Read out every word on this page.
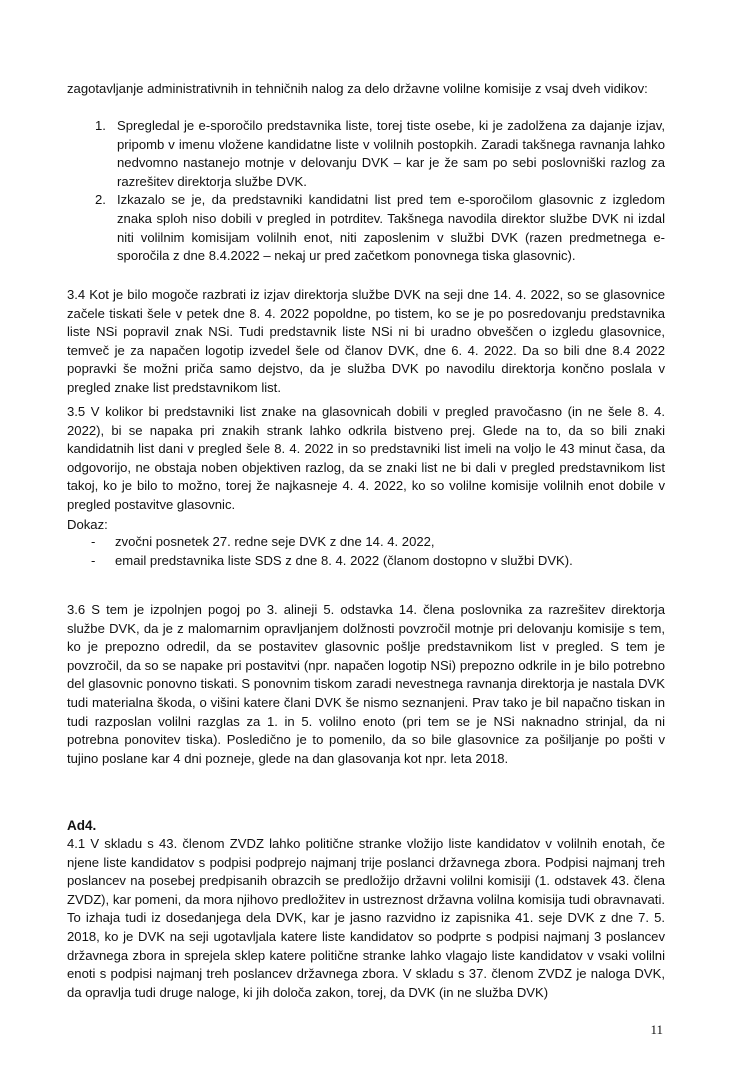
zagotavljanje administrativnih in tehničnih nalog za delo državne volilne komisije z vsaj dveh vidikov:

1. Spregledal je e-sporočilo predstavnika liste, torej tiste osebe, ki je zadolžena za dajanje izjav, pripomb v imenu vložene kandidatne liste v volilnih postopkih. Zaradi takšnega ravnanja lahko nedvomno nastanejo motnje v delovanju DVK – kar je že sam po sebi poslovniški razlog za razrešitev direktorja službe DVK.
2. Izkazalo se je, da predstavniki kandidatni list pred tem e-sporočilom glasovnic z izgledom znaka sploh niso dobili v pregled in potrditev. Takšnega navodila direktor službe DVK ni izdal niti volilnim komisijam volilnih enot, niti zaposlenim v službi DVK (razen predmetnega e-sporočila z dne 8.4.2022 – nekaj ur pred začetkom ponovnega tiska glasovnic).

3.4 Kot je bilo mogoče razbrati iz izjav direktorja službe DVK na seji dne 14. 4. 2022, so se glasovnice začele tiskati šele v petek dne 8. 4. 2022 popoldne, po tistem, ko se je po posredovanju predstavnika liste NSi popravil znak NSi. Tudi predstavnik liste NSi ni bi uradno obveščen o izgledu glasovnice, temveč je za napačen logotip izvedel šele od članov DVK, dne 6. 4. 2022. Da so bili dne 8.4 2022 popravki še možni priča samo dejstvo, da je služba DVK po navodilu direktorja končno poslala v pregled znake list predstavnikom list.

3.5 V kolikor bi predstavniki list znake na glasovnicah dobili v pregled pravočasno (in ne šele 8. 4. 2022), bi se napaka pri znakih strank lahko odkrila bistveno prej. Glede na to, da so bili znaki kandidatnih list dani v pregled šele 8. 4. 2022 in so predstavniki list imeli na voljo le 43 minut časa, da odgovorijo, ne obstaja noben objektiven razlog, da se znaki list ne bi dali v pregled predstavnikom list takoj, ko je bilo to možno, torej že najkasneje 4. 4. 2022, ko so volilne komisije volilnih enot dobile v pregled postavitve glasovnic.

Dokaz:

- zvočni posnetek 27. redne seje DVK z dne 14. 4. 2022,
- email predstavnika liste SDS z dne 8. 4. 2022 (članom dostopno v službi DVK).

3.6 S tem je izpolnjen pogoj po 3. alineji 5. odstavka 14. člena poslovnika za razrešitev direktorja službe DVK, da je z malomarnim opravljanjem dolžnosti povzročil motnje pri delovanju komisije s tem, ko je prepozno odredil, da se postavitev glasovnic pošlje predstavnikom list v pregled. S tem je povzročil, da so se napake pri postavitvi (npr. napačen logotip NSi) prepozno odkrile in je bilo potrebno del glasovnic ponovno tiskati. S ponovnim tiskom zaradi nevestnega ravnanja direktorja je nastala DVK tudi materialna škoda, o višini katere člani DVK še nismo seznanjeni. Prav tako je bil napačno tiskan in tudi razposlan volilni razglas za 1. in 5. volilno enoto (pri tem se je NSi naknadno strinjal, da ni potrebna ponovitev tiska). Posledično je to pomenilo, da so bile glasovnice za pošiljanje po pošti v tujino poslane kar 4 dni pozneje, glede na dan glasovanja kot npr. leta 2018.

Ad4.

4.1 V skladu s 43. členom ZVDZ lahko politične stranke vložijo liste kandidatov v volilnih enotah, če njene liste kandidatov s podpisi podprejo najmanj trije poslanci državnega zbora. Podpisi najmanj treh poslancev na posebej predpisanih obrazcih se predložijo državni volilni komisiji (1. odstavek 43. člena ZVDZ), kar pomeni, da mora njihovo predložitev in ustreznost državna volilna komisija tudi obravnavati. To izhaja tudi iz dosedanjega dela DVK, kar je jasno razvidno iz zapisnika 41. seje DVK z dne 7. 5. 2018, ko je DVK na seji ugotavljala katere liste kandidatov so podprte s podpisi najmanj 3 poslancev državnega zbora in sprejela sklep katere politične stranke lahko vlagajo liste kandidatov v vsaki volilni enoti s podpisi najmanj treh poslancev državnega zbora. V skladu s 37. členom ZVDZ je naloga DVK, da opravlja tudi druge naloge, ki jih določa zakon, torej, da DVK (in ne služba DVK)

11
